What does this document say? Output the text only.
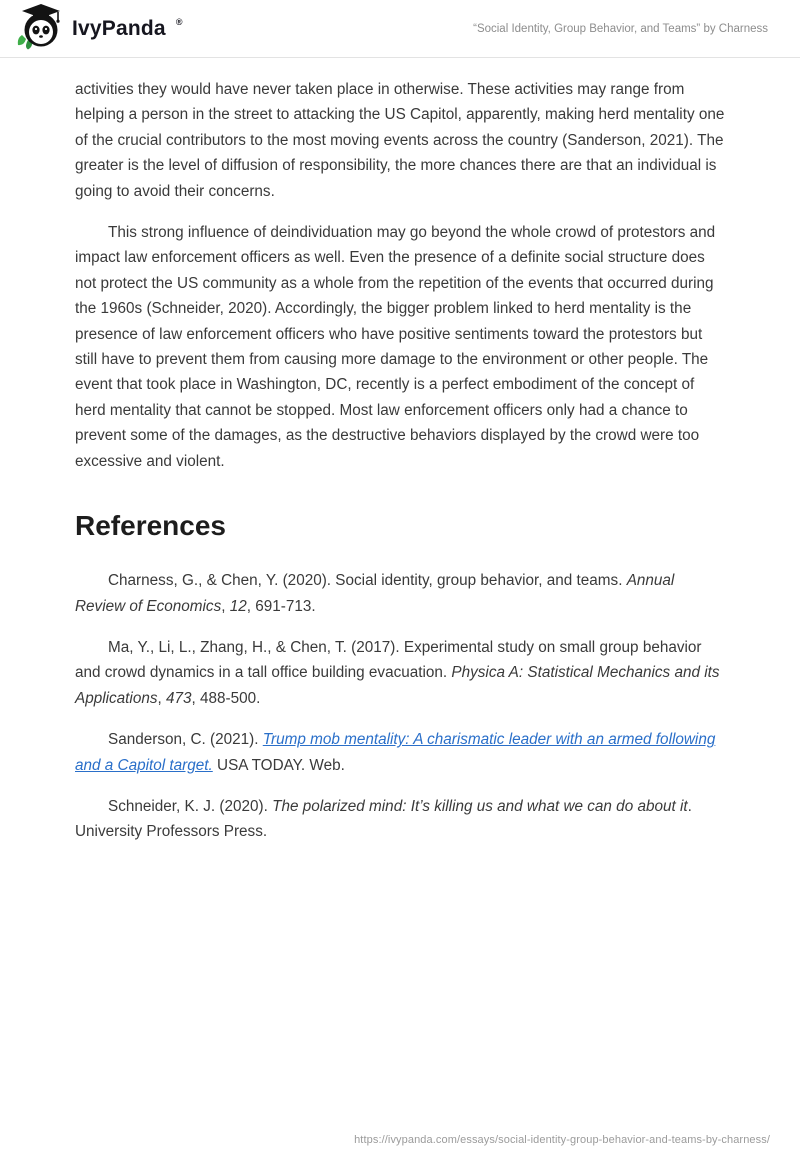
IvyPanda ®
“Social Identity, Group Behavior, and Teams” by Charness

activities they would have never taken place in otherwise. These activities may range from helping a person in the street to attacking the US Capitol, apparently, making herd mentality one of the crucial contributors to the most moving events across the country (Sanderson, 2021). The greater is the level of diffusion of responsibility, the more chances there are that an individual is going to avoid their concerns.

This strong influence of deindividuation may go beyond the whole crowd of protestors and impact law enforcement officers as well. Even the presence of a definite social structure does not protect the US community as a whole from the repetition of the events that occurred during the 1960s (Schneider, 2020). Accordingly, the bigger problem linked to herd mentality is the presence of law enforcement officers who have positive sentiments toward the protestors but still have to prevent them from causing more damage to the environment or other people. The event that took place in Washington, DC, recently is a perfect embodiment of the concept of herd mentality that cannot be stopped. Most law enforcement officers only had a chance to prevent some of the damages, as the destructive behaviors displayed by the crowd were too excessive and violent.

References

Charness, G., & Chen, Y. (2020). Social identity, group behavior, and teams. Annual Review of Economics, 12, 691-713.

Ma, Y., Li, L., Zhang, H., & Chen, T. (2017). Experimental study on small group behavior and crowd dynamics in a tall office building evacuation. Physica A: Statistical Mechanics and its Applications, 473, 488-500.

Sanderson, C. (2021). Trump mob mentality: A charismatic leader with an armed following and a Capitol target. USA TODAY. Web.

Schneider, K. J. (2020). The polarized mind: It’s killing us and what we can do about it. University Professors Press.

https://ivypanda.com/essays/social-identity-group-behavior-and-teams-by-charness/
